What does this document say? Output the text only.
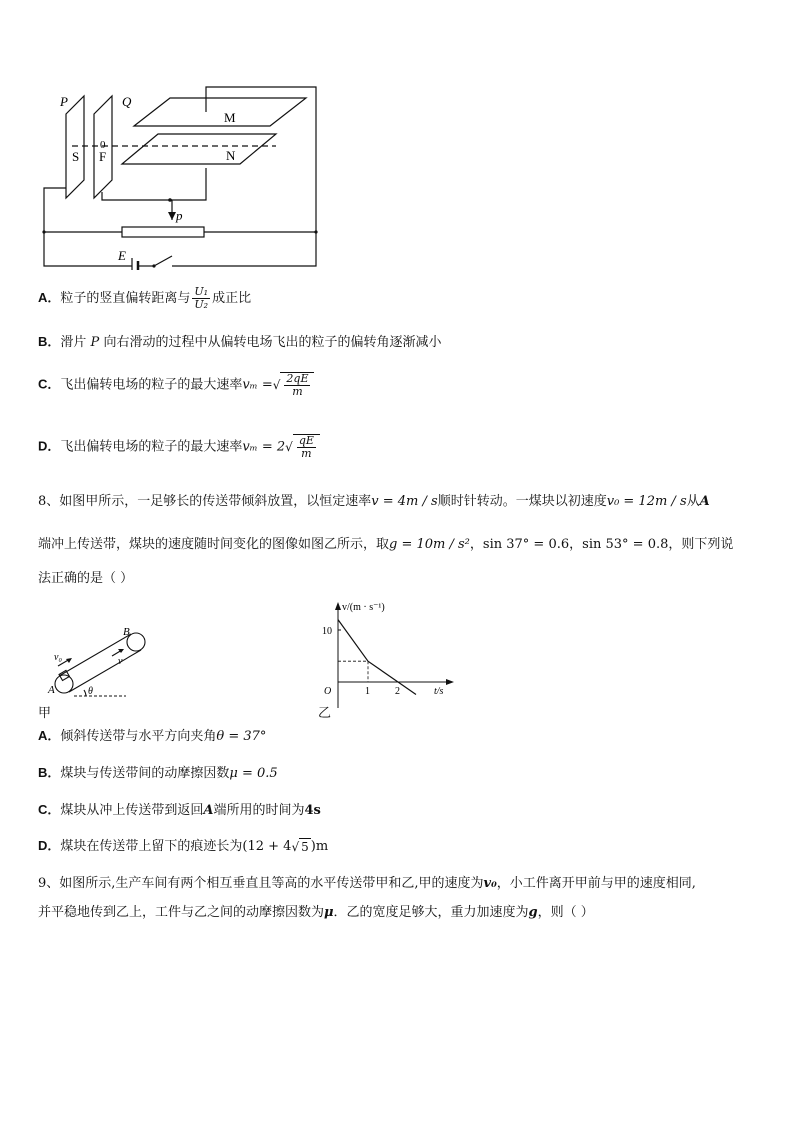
P	Q
S F
0
M
N
p
E
A．粒子的竖直偏转距离与 $\frac{\text{U₁}}{\text{U₂}}$ 成正比
B．滑片 P 向右滑动的过程中从偏转电场飞出的粒子的偏转角逐渐减小
C．飞出偏转电场的粒子的最大速率vₘ =√ $\frac{2qE}{m}$
D．飞出偏转电场的粒子的最大速率$v_m = 2√ \frac{qE}{m}$
8、如图甲所示，一足够长的传送带倾斜放置，以恒定速率v = 4m / s顺时针转动。一煤块以初速度v₀ = 12m / s从A
端冲上传送带，煤块的速度随时间变化的图像如图乙所示，取g = 10m / s²，sin 37° = 0.6，sin 53° = 0.8，则下列说
法正确的是（ ）
B
v₀	v
A	θ
甲
v/(m · s⁻¹)
t/s
O
10
1	2
乙
A．倾斜传送带与水平方向夹角θ = 37°
B．煤块与传送带间的动摩擦因数μ = 0.5
C．煤块从冲上传送带到返回A端所用的时间为4s
D．煤块在传送带上留下的痕迹长为(12 + 4√ 5 )m
9、如图所示,生产车间有两个相互垂直且等高的水平传送带甲和乙,甲的速度为v₀，小工件离开甲前与甲的速度相同,
并平稳地传到乙上，工件与乙之间的动摩擦因数为μ．乙的宽度足够大，重力加速度为g，则（ ）
